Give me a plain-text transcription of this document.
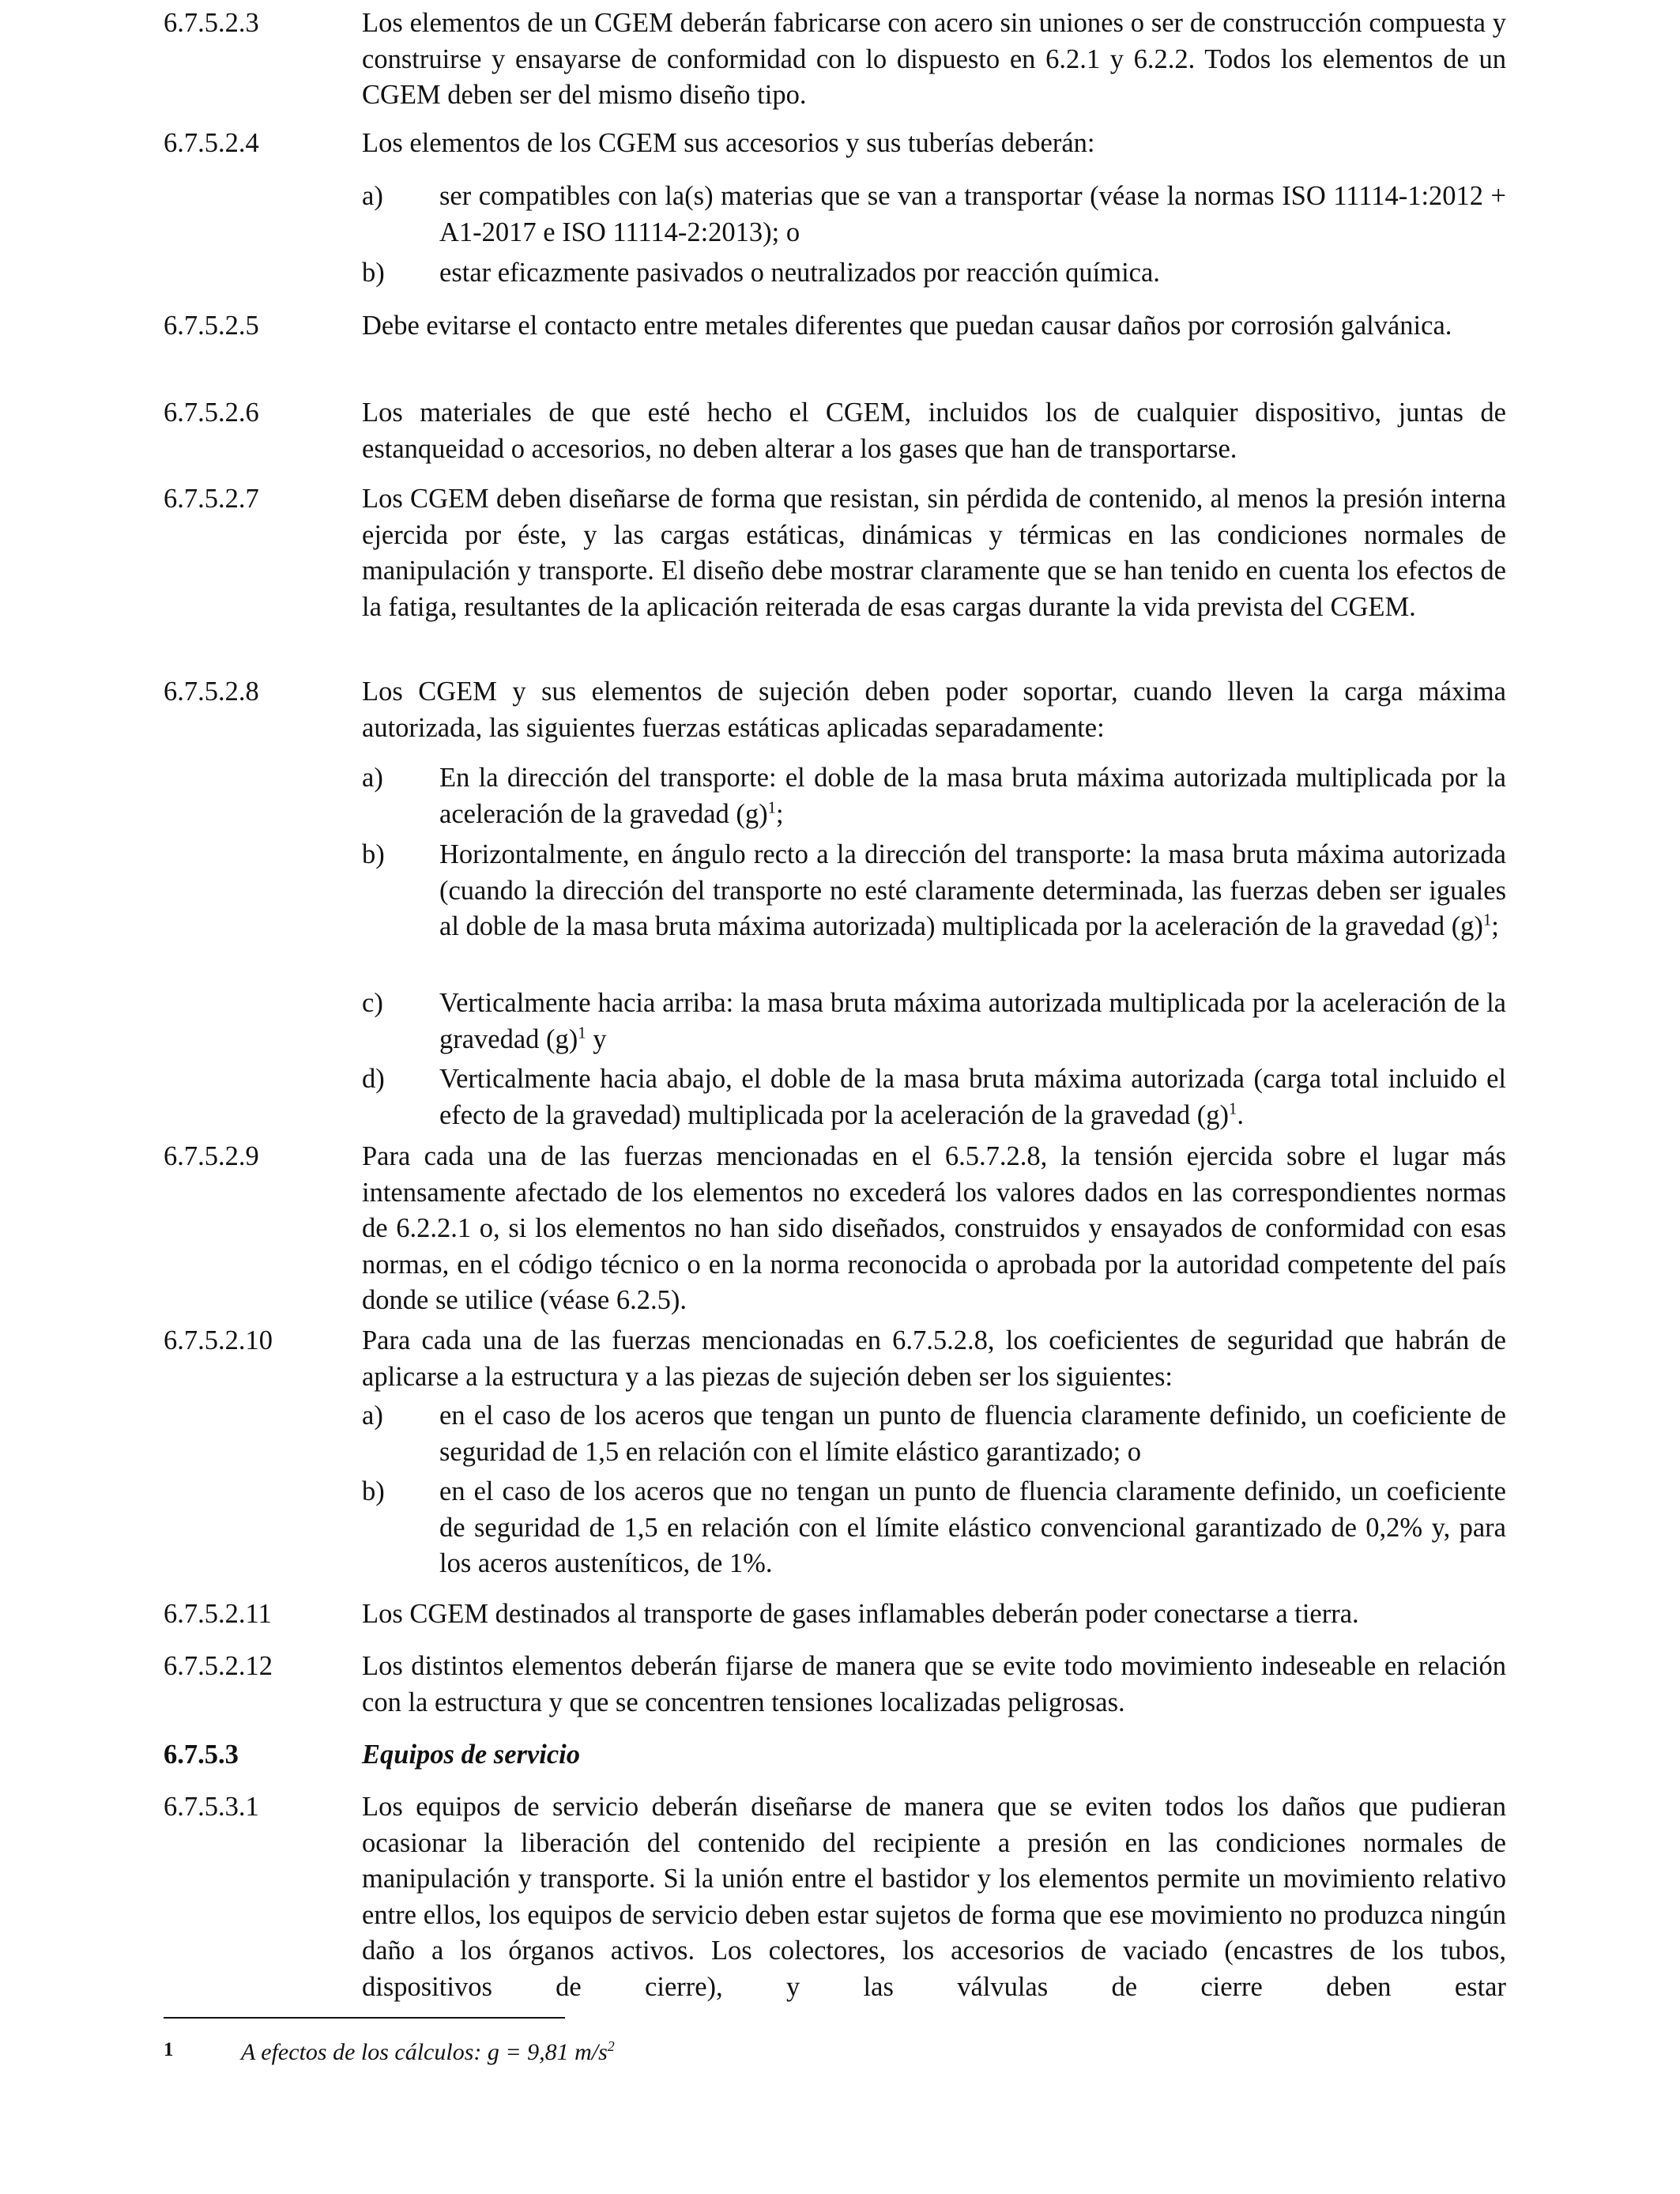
6.7.5.2.3	Los elementos de un CGEM deberán fabricarse con acero sin uniones o ser de construcción compuesta y construirse y ensayarse de conformidad con lo dispuesto en 6.2.1 y 6.2.2. Todos los elementos de un CGEM deben ser del mismo diseño tipo.
6.7.5.2.4	Los elementos de los CGEM sus accesorios y sus tuberías deberán:
a) ser compatibles con la(s) materias que se van a transportar (véase la normas ISO 11114-1:2012 + A1-2017 e ISO 11114-2:2013); o
b) estar eficazmente pasivados o neutralizados por reacción química.
6.7.5.2.5	Debe evitarse el contacto entre metales diferentes que puedan causar daños por corrosión galvánica.
6.7.5.2.6	Los materiales de que esté hecho el CGEM, incluidos los de cualquier dispositivo, juntas de estanqueidad o accesorios, no deben alterar a los gases que han de transportarse.
6.7.5.2.7	Los CGEM deben diseñarse de forma que resistan, sin pérdida de contenido, al menos la presión interna ejercida por éste, y las cargas estáticas, dinámicas y térmicas en las condiciones normales de manipulación y transporte. El diseño debe mostrar claramente que se han tenido en cuenta los efectos de la fatiga, resultantes de la aplicación reiterada de esas cargas durante la vida prevista del CGEM.
6.7.5.2.8	Los CGEM y sus elementos de sujeción deben poder soportar, cuando lleven la carga máxima autorizada, las siguientes fuerzas estáticas aplicadas separadamente:
a) En la dirección del transporte: el doble de la masa bruta máxima autorizada multiplicada por la aceleración de la gravedad $(g)^1$;
b) Horizontalmente, en ángulo recto a la dirección del transporte: la masa bruta máxima autorizada (cuando la dirección del transporte no esté claramente determinada, las fuerzas deben ser iguales al doble de la masa bruta máxima autorizada) multiplicada por la aceleración de la gravedad $(g)^1$;
c) Verticalmente hacia arriba: la masa bruta máxima autorizada multiplicada por la aceleración de la gravedad $(g)^1$ y
d) Verticalmente hacia abajo, el doble de la masa bruta máxima autorizada (carga total incluido el efecto de la gravedad) multiplicada por la aceleración de la gravedad $(g)^1$.
6.7.5.2.9	Para cada una de las fuerzas mencionadas en el 6.5.7.2.8, la tensión ejercida sobre el lugar más intensamente afectado de los elementos no excederá los valores dados en las correspondientes normas de 6.2.2.1 o, si los elementos no han sido diseñados, construidos y ensayados de conformidad con esas normas, en el código técnico o en la norma reconocida o aprobada por la autoridad competente del país donde se utilice (véase 6.2.5).
6.7.5.2.10	Para cada una de las fuerzas mencionadas en 6.7.5.2.8, los coeficientes de seguridad que habrán de aplicarse a la estructura y a las piezas de sujeción deben ser los siguientes:
a) en el caso de los aceros que tengan un punto de fluencia claramente definido, un coeficiente de seguridad de 1,5 en relación con el límite elástico garantizado; o
b) en el caso de los aceros que no tengan un punto de fluencia claramente definido, un coeficiente de seguridad de 1,5 en relación con el límite elástico convencional garantizado de 0,2% y, para los aceros austeníticos, de 1%.
6.7.5.2.11	Los CGEM destinados al transporte de gases inflamables deberán poder conectarse a tierra.
6.7.5.2.12	Los distintos elementos deberán fijarse de manera que se evite todo movimiento indeseable en relación con la estructura y que se concentren tensiones localizadas peligrosas.
6.7.5.3	Equipos de servicio
6.7.5.3.1	Los equipos de servicio deberán diseñarse de manera que se eviten todos los daños que pudieran ocasionar la liberación del contenido del recipiente a presión en las condiciones normales de manipulación y transporte. Si la unión entre el bastidor y los elementos permite un movimiento relativo entre ellos, los equipos de servicio deben estar sujetos de forma que ese movimiento no produzca ningún daño a los órganos activos. Los colectores, los accesorios de vaciado (encastres de los tubos, dispositivos de cierre), y las válvulas de cierre deben estar
1	A efectos de los cálculos: g = 9,81 $m/s^2$
